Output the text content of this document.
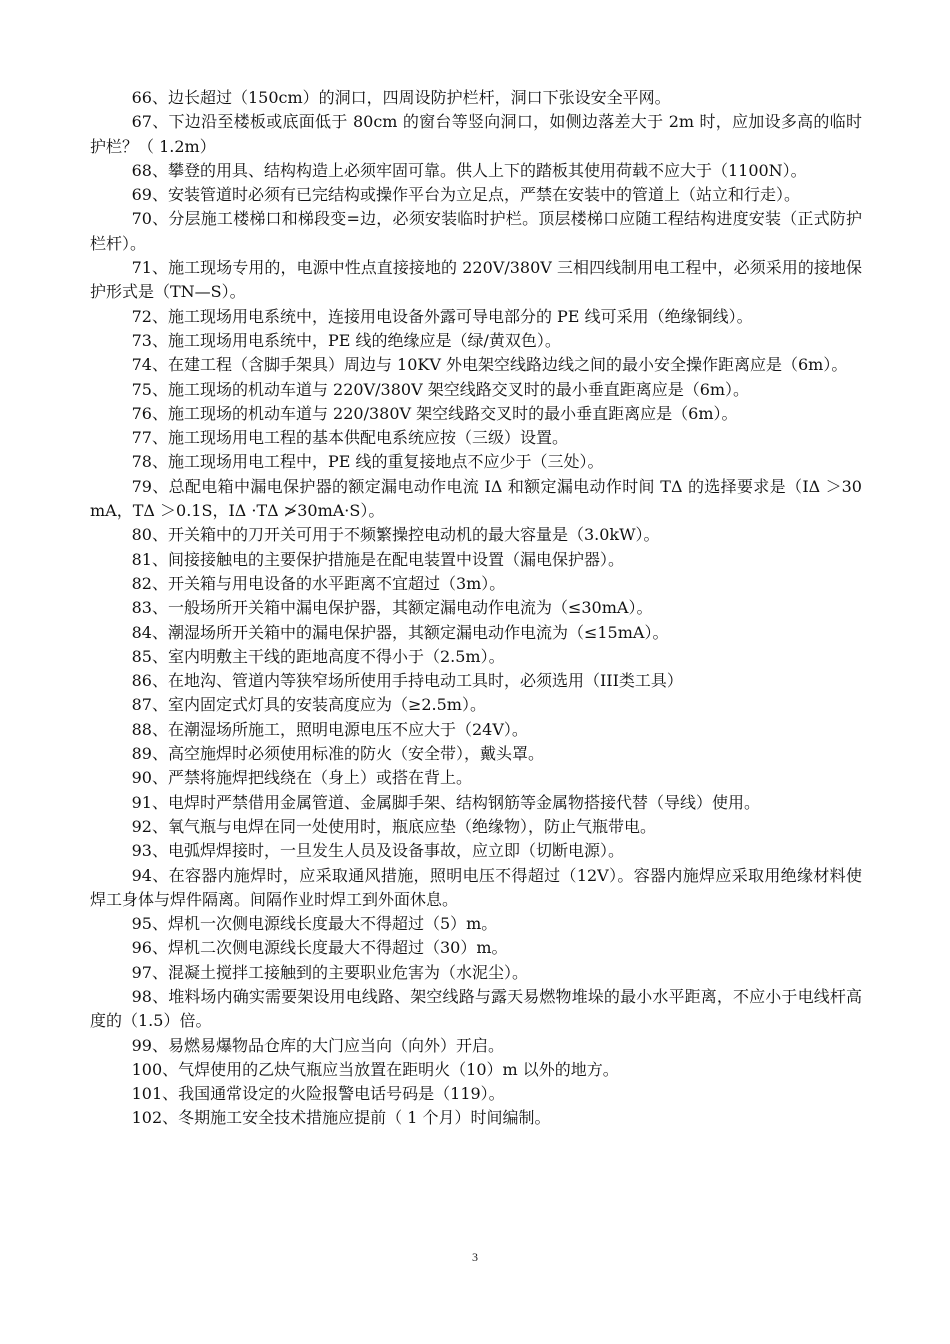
66、边长超过（150cm）的洞口，四周设防护栏杆，洞口下张设安全平网。

67、下边沿至楼板或底面低于 80cm 的窗台等竖向洞口，如侧边落差大于 2m 时，应加设多高的临时护栏？（ 1.2m）

68、攀登的用具、结构构造上必须牢固可靠。供人上下的踏板其使用荷载不应大于（1100N）。

69、安装管道时必须有已完结构或操作平台为立足点，严禁在安装中的管道上（站立和行走）。

70、分层施工楼梯口和梯段变=边，必须安装临时护栏。顶层楼梯口应随工程结构进度安装（正式防护栏杆）。

71、施工现场专用的，电源中性点直接接地的 220V/380V 三相四线制用电工程中，必须采用的接地保护形式是（TN—S）。

72、施工现场用电系统中，连接用电设备外露可导电部分的 PE 线可采用（绝缘铜线）。

73、施工现场用电系统中，PE 线的绝缘应是（绿/黄双色）。

74、在建工程（含脚手架具）周边与 10KV 外电架空线路边线之间的最小安全操作距离应是（6m）。

75、施工现场的机动车道与 220V/380V 架空线路交叉时的最小垂直距离应是（6m）。

76、施工现场的机动车道与 220/380V 架空线路交叉时的最小垂直距离应是（6m）。

77、施工现场用电工程的基本供配电系统应按（三级）设置。

78、施工现场用电工程中，PE 线的重复接地点不应少于（三处）。

79、总配电箱中漏电保护器的额定漏电动作电流 IΔ 和额定漏电动作时间 TΔ 的选择要求是（IΔ ＞30mA，TΔ ＞0.1S，IΔ ·TΔ ≯30mA·S）。

80、开关箱中的刀开关可用于不频繁操控电动机的最大容量是（3.0kW）。

81、间接接触电的主要保护措施是在配电装置中设置（漏电保护器）。

82、开关箱与用电设备的水平距离不宜超过（3m）。

83、一般场所开关箱中漏电保护器，其额定漏电动作电流为（≤30mA）。

84、潮湿场所开关箱中的漏电保护器，其额定漏电动作电流为（≤15mA）。

85、室内明敷主干线的距地高度不得小于（2.5m）。

86、在地沟、管道内等狭窄场所使用手持电动工具时，必须选用（III类工具）

87、室内固定式灯具的安装高度应为（≥2.5m）。

88、在潮湿场所施工，照明电源电压不应大于（24V）。

89、高空施焊时必须使用标准的防火（安全带），戴头罩。

90、严禁将施焊把线绕在（身上）或搭在背上。

91、电焊时严禁借用金属管道、金属脚手架、结构钢筋等金属物搭接代替（导线）使用。

92、氧气瓶与电焊在同一处使用时，瓶底应垫（绝缘物），防止气瓶带电。

93、电弧焊焊接时，一旦发生人员及设备事故，应立即（切断电源）。

94、在容器内施焊时，应采取通风措施，照明电压不得超过（12V）。容器内施焊应采取用绝缘材料使焊工身体与焊件隔离。间隔作业时焊工到外面休息。

95、焊机一次侧电源线长度最大不得超过（5）m。

96、焊机二次侧电源线长度最大不得超过（30）m。

97、混凝土搅拌工接触到的主要职业危害为（水泥尘）。

98、堆料场内确实需要架设用电线路、架空线路与露天易燃物堆垛的最小水平距离，不应小于电线杆高度的（1.5）倍。

99、易燃易爆物品仓库的大门应当向（向外）开启。

100、气焊使用的乙炔气瓶应当放置在距明火（10）m 以外的地方。

101、我国通常设定的火险报警电话号码是（119）。

102、冬期施工安全技术措施应提前（ 1 个月）时间编制。

3
